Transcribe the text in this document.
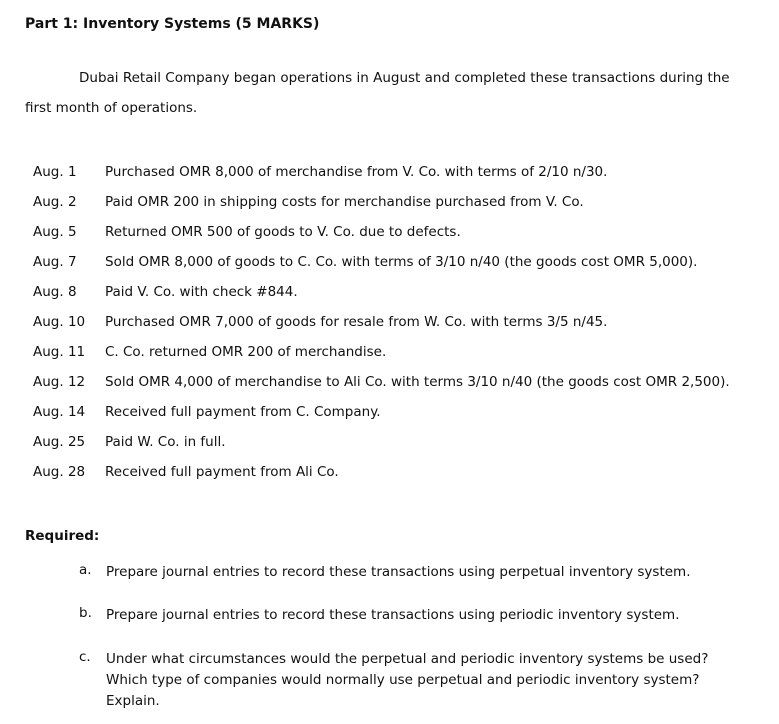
Part 1: Inventory Systems (5 MARKS)
Dubai Retail Company began operations in August and completed these transactions during the
first month of operations.
Aug. 1 Purchased OMR 8,000 of merchandise from V. Co. with terms of 2/10 n/30.
Aug. 2 Paid OMR 200 in shipping costs for merchandise purchased from V. Co.
Aug. 5 Returned OMR 500 of goods to V. Co. due to defects.
Aug. 7 Sold OMR 8,000 of goods to C. Co. with terms of 3/10 n/40 (the goods cost OMR 5,000).
Aug. 8 Paid V. Co. with check #844.
Aug. 10 Purchased OMR 7,000 of goods for resale from W. Co. with terms 3/5 n/45.
Aug. 11 C. Co. returned OMR 200 of merchandise.
Aug. 12 Sold OMR 4,000 of merchandise to Ali Co. with terms 3/10 n/40 (the goods cost OMR 2,500).
Aug. 14 Received full payment from C. Company.
Aug. 25 Paid W. Co. in full.
Aug. 28 Received full payment from Ali Co.
Required:
a. Prepare journal entries to record these transactions using perpetual inventory system.
b. Prepare journal entries to record these transactions using periodic inventory system.
c. Under what circumstances would the perpetual and periodic inventory systems be used?
Which type of companies would normally use perpetual and periodic inventory system?
Explain.
